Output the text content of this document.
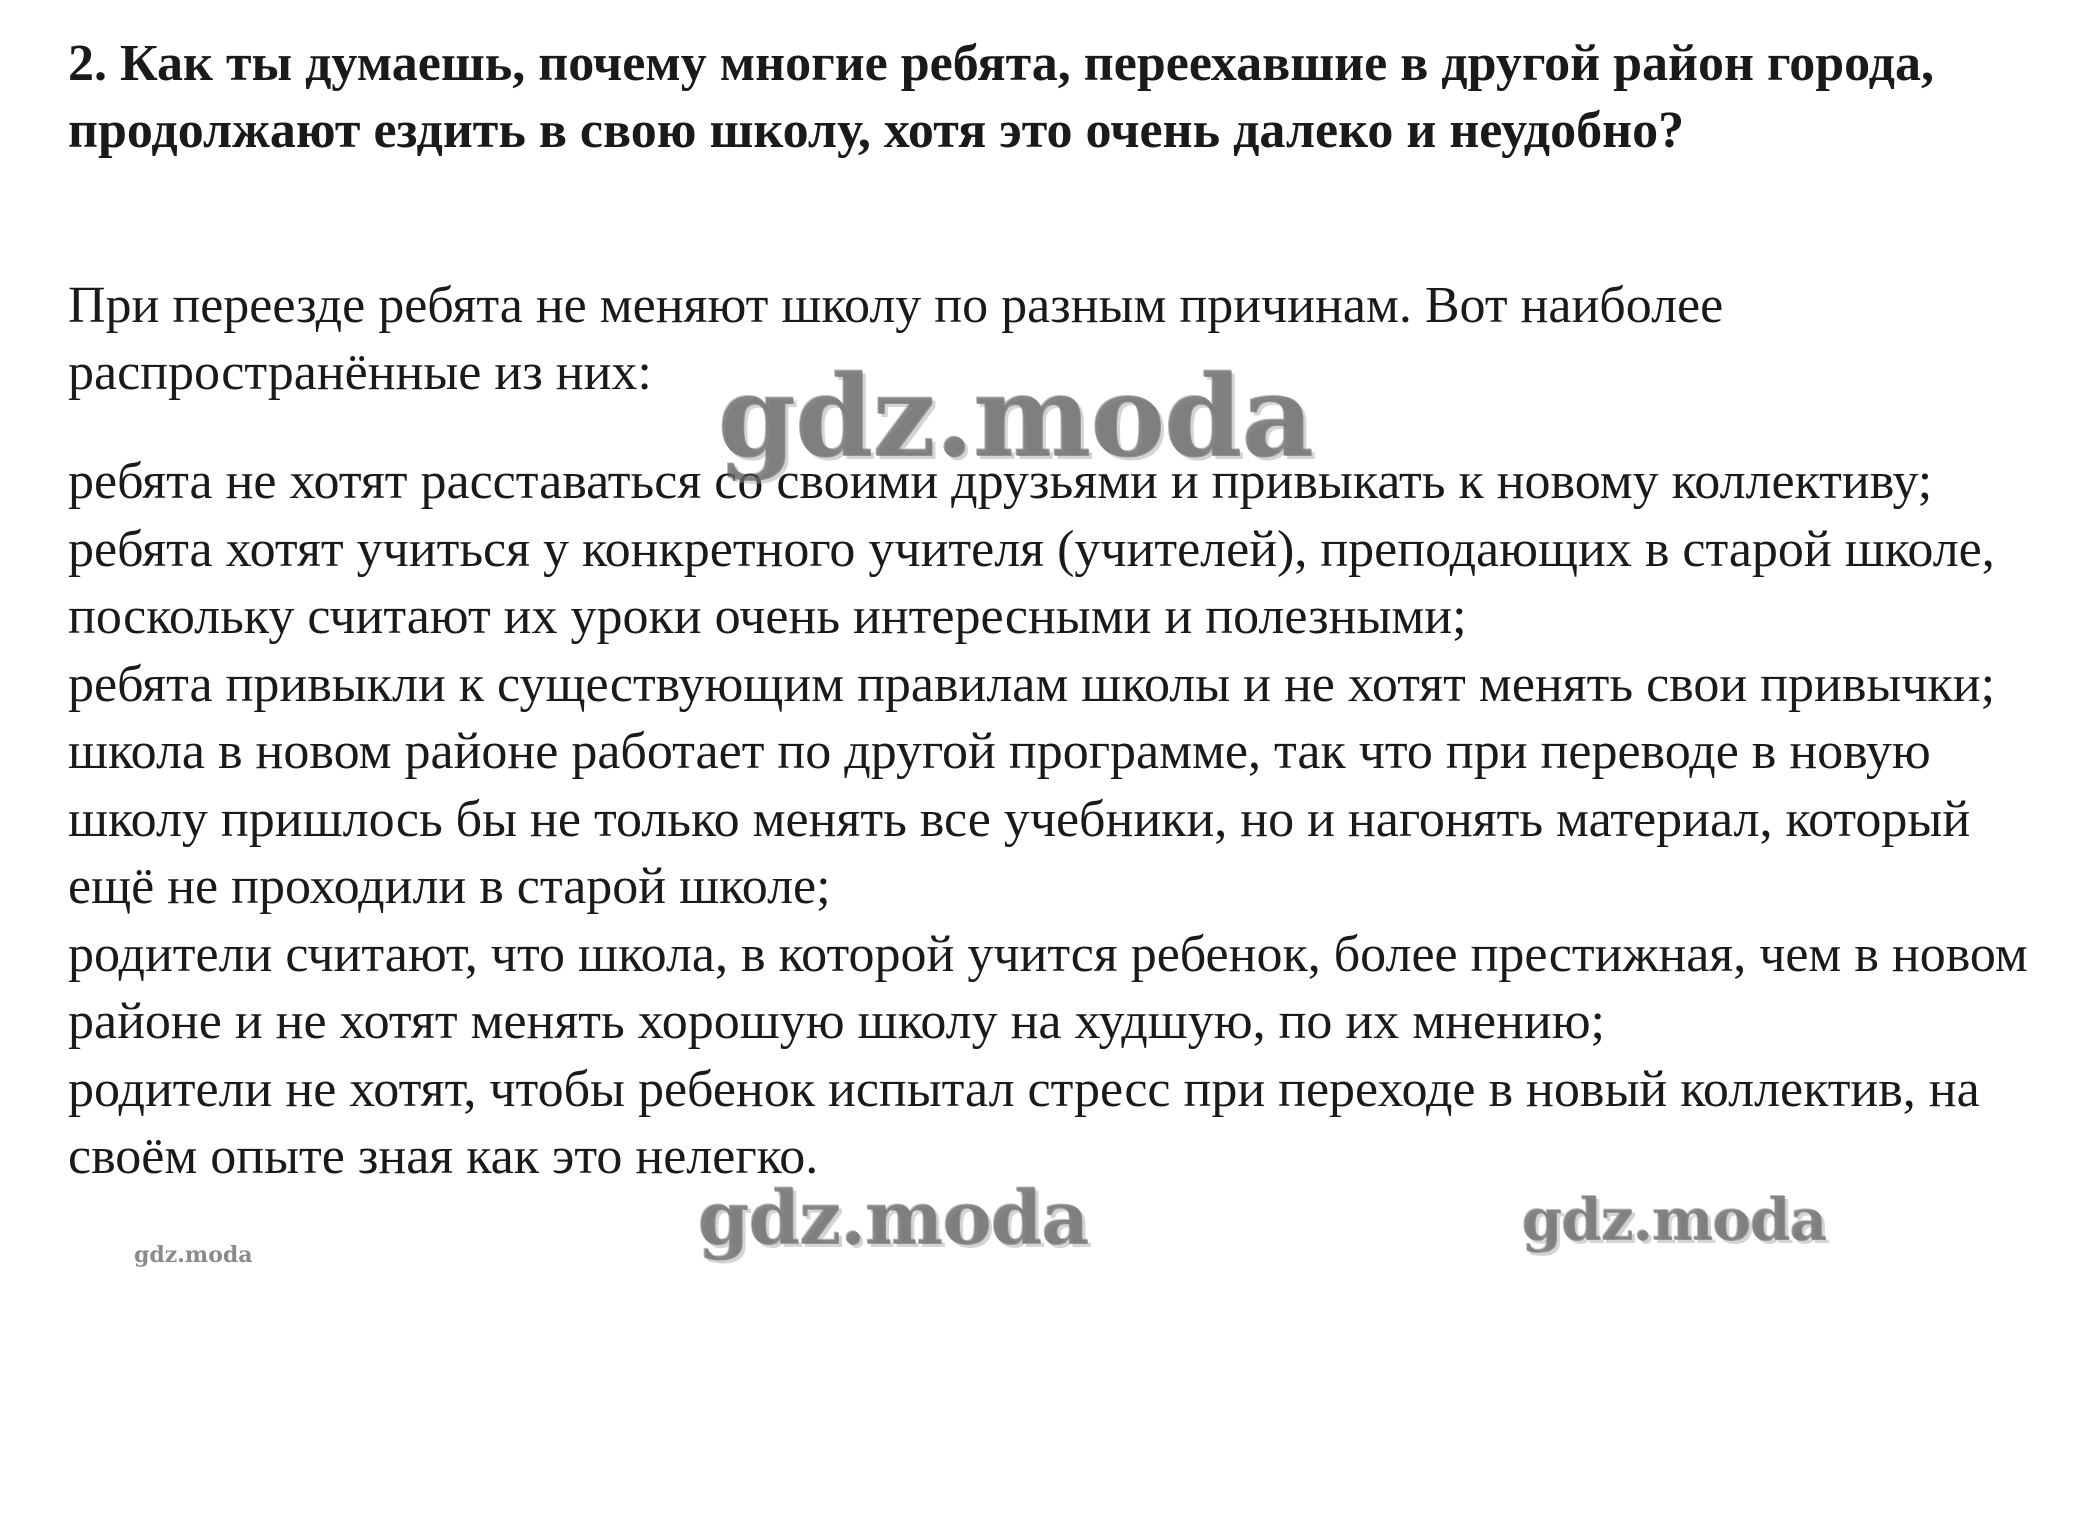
2. Как ты думаешь, почему многие ребята, переехавшие в другой район города, продолжают ездить в свою школу, хотя это очень далеко и неудобно?

При переезде ребята не меняют школу по разным причинам. Вот наиболее распространённые из них:

ребята не хотят расставаться со своими друзьями и привыкать к новому коллективу;
ребята хотят учиться у конкретного учителя (учителей), преподающих в старой школе, поскольку считают их уроки очень интересными и полезными;
ребята привыкли к существующим правилам школы и не хотят менять свои привычки;
школа в новом районе работает по другой программе, так что при переводе в новую школу пришлось бы не только менять все учебники, но и нагонять материал, который ещё не проходили в старой школе;
родители считают, что школа, в которой учится ребенок, более престижная, чем в новом районе и не хотят менять хорошую школу на худшую, по их мнению;
родители не хотят, чтобы ребенок испытал стресс при переходе в новый коллектив, на своём опыте зная как это нелегко.
gdz.moda
gdz.moda	gdz.moda
gdz.moda
